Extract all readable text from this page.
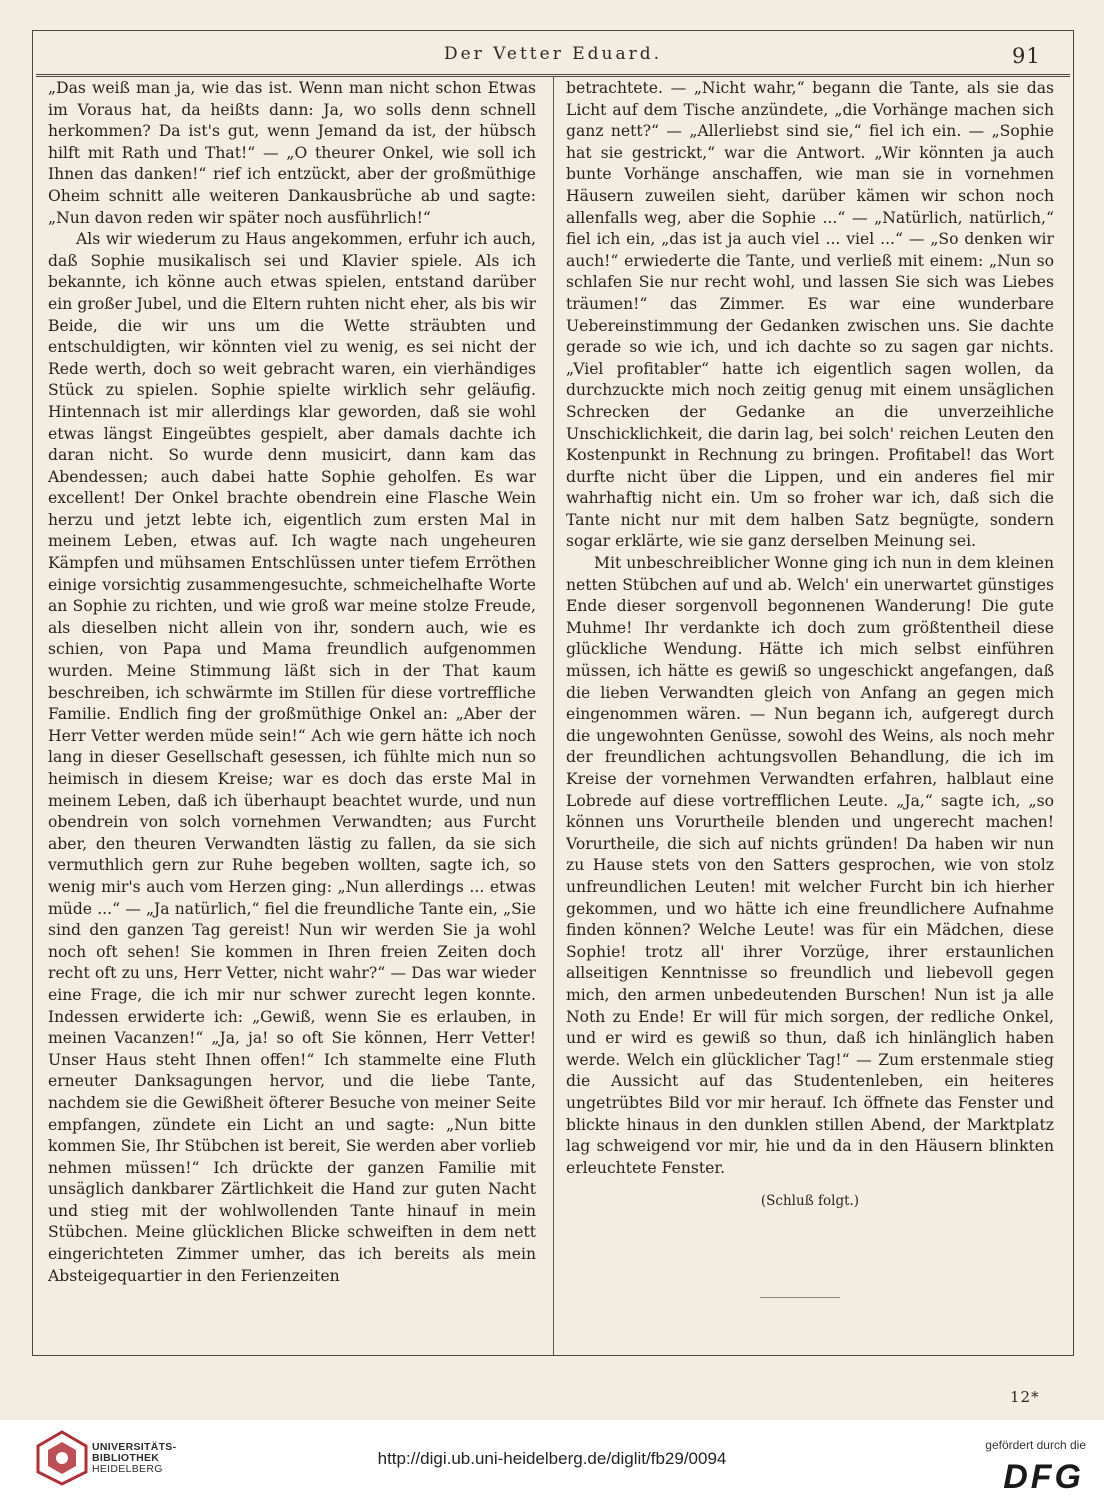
Der Vetter Eduard.	91

„Das weiß man ja, wie das ist. Wenn man nicht schon Etwas im Voraus hat, da heißts dann: Ja, wo solls denn schnell herkommen? Da ist's gut, wenn Jemand da ist, der hübsch hilft mit Rath und That!“ — „O theurer Onkel, wie soll ich Ihnen das danken!“ rief ich entzückt, aber der großmüthige Oheim schnitt alle weiteren Dankausbrüche ab und sagte: „Nun davon reden wir später noch ausführlich!“

Als wir wiederum zu Haus angekommen, erfuhr ich auch, daß Sophie musikalisch sei und Klavier spiele. Als ich bekannte, ich könne auch etwas spielen, entstand darüber ein großer Jubel, und die Eltern ruhten nicht eher, als bis wir Beide, die wir uns um die Wette sträubten und entschuldigten, wir könnten viel zu wenig, es sei nicht der Rede werth, doch so weit gebracht waren, ein vierhändiges Stück zu spielen. Sophie spielte wirklich sehr geläufig. Hintennach ist mir allerdings klar geworden, daß sie wohl etwas längst Eingeübtes gespielt, aber damals dachte ich daran nicht. So wurde denn musicirt, dann kam das Abendessen; auch dabei hatte Sophie geholfen. Es war excellent! Der Onkel brachte obendrein eine Flasche Wein herzu und jetzt lebte ich, eigentlich zum ersten Mal in meinem Leben, etwas auf. Ich wagte nach ungeheuren Kämpfen und mühsamen Entschlüssen unter tiefem Erröthen einige vorsichtig zusammengesuchte, schmeichelhafte Worte an Sophie zu richten, und wie groß war meine stolze Freude, als dieselben nicht allein von ihr, sondern auch, wie es schien, von Papa und Mama freundlich aufgenommen wurden. Meine Stimmung läßt sich in der That kaum beschreiben, ich schwärmte im Stillen für diese vortreffliche Familie. Endlich fing der großmüthige Onkel an: „Aber der Herr Vetter werden müde sein!“ Ach wie gern hätte ich noch lang in dieser Gesellschaft gesessen, ich fühlte mich nun so heimisch in diesem Kreise; war es doch das erste Mal in meinem Leben, daß ich überhaupt beachtet wurde, und nun obendrein von solch vornehmen Verwandten; aus Furcht aber, den theuren Verwandten lästig zu fallen, da sie sich vermuthlich gern zur Ruhe begeben wollten, sagte ich, so wenig mir's auch vom Herzen ging: „Nun allerdings ... etwas müde ...“ — „Ja natürlich,“ fiel die freundliche Tante ein, „Sie sind den ganzen Tag gereist! Nun wir werden Sie ja wohl noch oft sehen! Sie kommen in Ihren freien Zeiten doch recht oft zu uns, Herr Vetter, nicht wahr?“ — Das war wieder eine Frage, die ich mir nur schwer zurecht legen konnte. Indessen erwiderte ich: „Gewiß, wenn Sie es erlauben, in meinen Vacanzen!“ „Ja, ja! so oft Sie können, Herr Vetter! Unser Haus steht Ihnen offen!“ Ich stammelte eine Fluth erneuter Danksagungen hervor, und die liebe Tante, nachdem sie die Gewißheit öfterer Besuche von meiner Seite empfangen, zündete ein Licht an und sagte: „Nun bitte kommen Sie, Ihr Stübchen ist bereit, Sie werden aber vorlieb nehmen müssen!“ Ich drückte der ganzen Familie mit unsäglich dankbarer Zärtlichkeit die Hand zur guten Nacht und stieg mit der wohlwollenden Tante hinauf in mein Stübchen. Meine glücklichen Blicke schweiften in dem nett eingerichteten Zimmer umher, das ich bereits als mein Absteigequartier in den Ferienzeiten

betrachtete. — „Nicht wahr,“ begann die Tante, als sie das Licht auf dem Tische anzündete, „die Vorhänge machen sich ganz nett?“ — „Allerliebst sind sie,“ fiel ich ein. — „Sophie hat sie gestrickt,“ war die Antwort. „Wir könnten ja auch bunte Vorhänge anschaffen, wie man sie in vornehmen Häusern zuweilen sieht, darüber kämen wir schon noch allenfalls weg, aber die Sophie ...“ — „Natürlich, natürlich,“ fiel ich ein, „das ist ja auch viel ... viel ...“ — „So denken wir auch!“ erwiederte die Tante, und verließ mit einem: „Nun so schlafen Sie nur recht wohl, und lassen Sie sich was Liebes träumen!“ das Zimmer. Es war eine wunderbare Uebereinstimmung der Gedanken zwischen uns. Sie dachte gerade so wie ich, und ich dachte so zu sagen gar nichts. „Viel profitabler“ hatte ich eigentlich sagen wollen, da durchzuckte mich noch zeitig genug mit einem unsäglichen Schrecken der Gedanke an die unverzeihliche Unschicklichkeit, die darin lag, bei solch' reichen Leuten den Kostenpunkt in Rechnung zu bringen. Profitabel! das Wort durfte nicht über die Lippen, und ein anderes fiel mir wahrhaftig nicht ein. Um so froher war ich, daß sich die Tante nicht nur mit dem halben Satz begnügte, sondern sogar erklärte, wie sie ganz derselben Meinung sei.

Mit unbeschreiblicher Wonne ging ich nun in dem kleinen netten Stübchen auf und ab. Welch' ein unerwartet günstiges Ende dieser sorgenvoll begonnenen Wanderung! Die gute Muhme! Ihr verdankte ich doch zum größtentheil diese glückliche Wendung. Hätte ich mich selbst einführen müssen, ich hätte es gewiß so ungeschickt angefangen, daß die lieben Verwandten gleich von Anfang an gegen mich eingenommen wären. — Nun begann ich, aufgeregt durch die ungewohnten Genüsse, sowohl des Weins, als noch mehr der freundlichen achtungsvollen Behandlung, die ich im Kreise der vornehmen Verwandten erfahren, halblaut eine Lobrede auf diese vortrefflichen Leute. „Ja,“ sagte ich, „so können uns Vorurtheile blenden und ungerecht machen! Vorurtheile, die sich auf nichts gründen! Da haben wir nun zu Hause stets von den Satters gesprochen, wie von stolz unfreundlichen Leuten! mit welcher Furcht bin ich hierher gekommen, und wo hätte ich eine freundlichere Aufnahme finden können? Welche Leute! was für ein Mädchen, diese Sophie! trotz all' ihrer Vorzüge, ihrer erstaunlichen allseitigen Kenntnisse so freundlich und liebevoll gegen mich, den armen unbedeutenden Burschen! Nun ist ja alle Noth zu Ende! Er will für mich sorgen, der redliche Onkel, und er wird es gewiß so thun, daß ich hinlänglich haben werde. Welch ein glücklicher Tag!“ — Zum erstenmale stieg die Aussicht auf das Studentenleben, ein heiteres ungetrübtes Bild vor mir herauf. Ich öffnete das Fenster und blickte hinaus in den dunklen stillen Abend, der Marktplatz lag schweigend vor mir, hie und da in den Häusern blinkten erleuchtete Fenster.

(Schluß folgt.)

12*
UNIVERSITÄTS-
BIBLIOTHEK
HEIDELBERG
http://digi.ub.uni-heidelberg.de/diglit/fb29/0094
gefördert durch die
DFG
